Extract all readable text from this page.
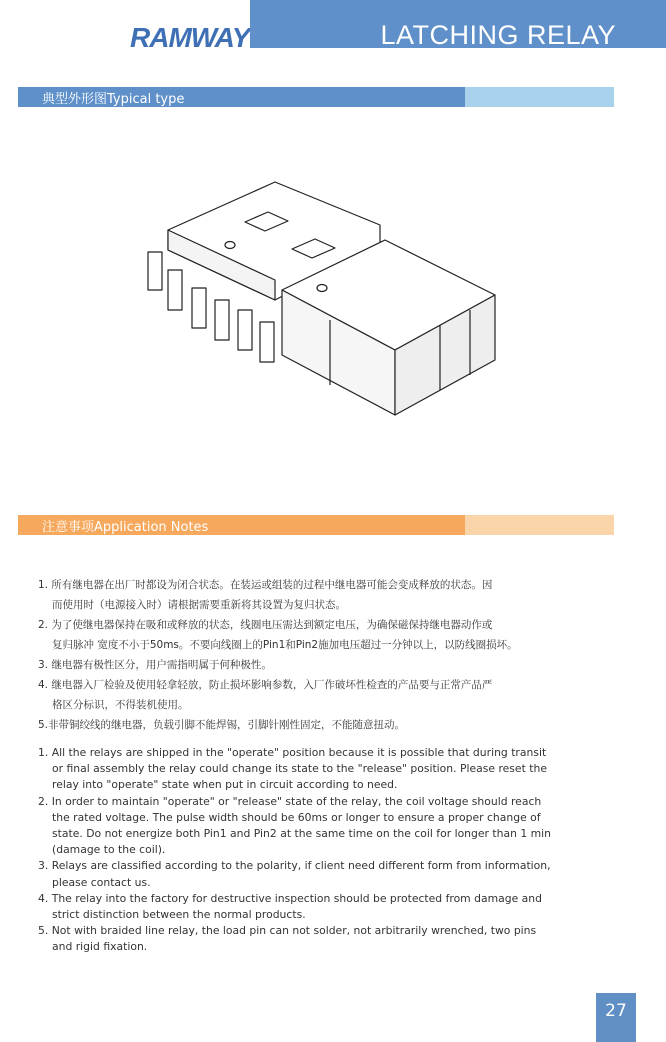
RAMWAY	LATCHING RELAY
典型外形图Typical type
注意事项Application Notes

1. 所有继电器在出厂时都设为闭合状态。在装运或组装的过程中继电器可能会变成释放的状态。因

而使用时（电源接入时）请根据需要重新将其设置为复归状态。

2. 为了使继电器保持在吸和或释放的状态，线圈电压需达到额定电压，为确保磁保持继电器动作或

复归脉冲 宽度不小于50ms。不要向线圈上的Pin1和Pin2施加电压超过一分钟以上，以防线圈损坏。

3. 继电器有极性区分，用户需指明属于何种极性。

4. 继电器入厂检验及使用轻拿轻放，防止损坏影响参数，入厂作破坏性检查的产品要与正常产品严

格区分标识，不得装机使用。

5.非带铜绞线的继电器，负载引脚不能焊锡，引脚针刚性固定，不能随意扭动。

1. All the relays are shipped in the "operate" position because it is possible that during transit

or final assembly the relay could change its state to the "release" position. Please reset the

relay into "operate" state when put in circuit according to need.

2. In order to maintain "operate" or "release" state of the relay, the coil voltage should reach

the rated voltage. The pulse width should be 60ms or longer to ensure a proper change of

state. Do not energize both Pin1 and Pin2 at the same time on the coil for longer than 1 min

(damage to the coil).

3. Relays are classified according to the polarity, if client need different form from information,

please contact us.

4. The relay into the factory for destructive inspection should be protected from damage and

strict distinction between the normal products.

5. Not with braided line relay, the load pin can not solder, not arbitrarily wrenched, two pins

and rigid fixation.

27
